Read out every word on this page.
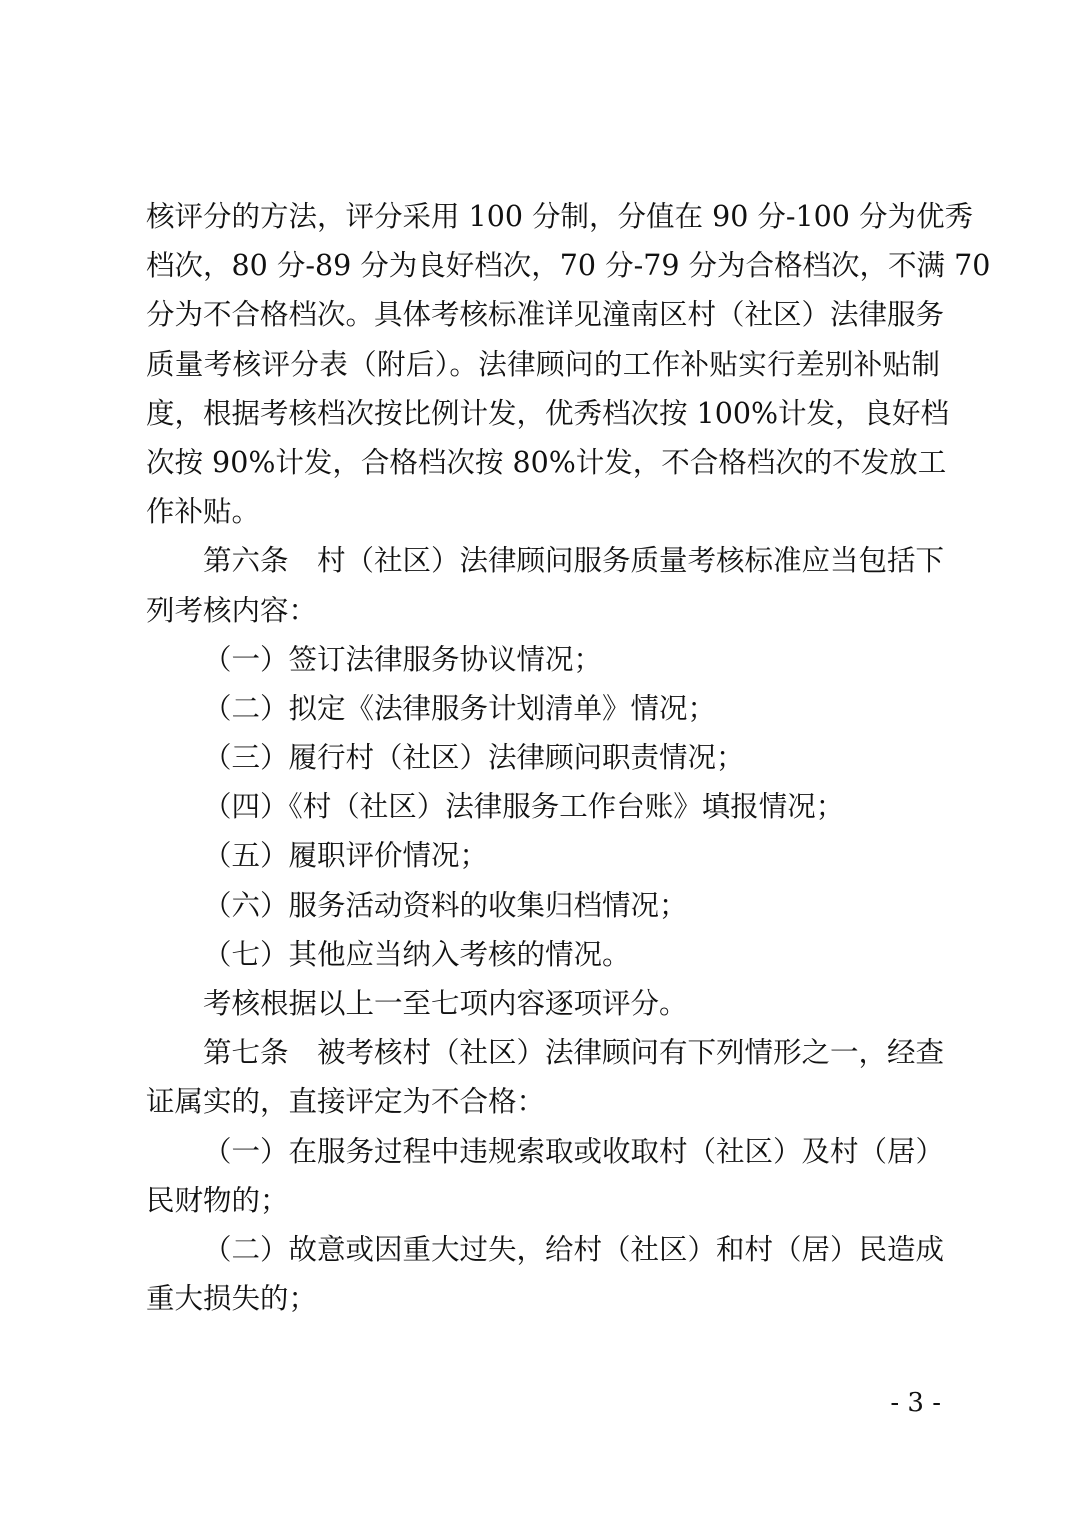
核评分的方法，评分采用 100 分制，分值在 90 分-100 分为优秀
档次，80 分-89 分为良好档次，70 分-79 分为合格档次，不满 70
分为不合格档次。具体考核标准详见潼南区村（社区）法律服务
质量考核评分表（附后）。法律顾问的工作补贴实行差别补贴制
度，根据考核档次按比例计发，优秀档次按 100%计发，良好档
次按 90%计发，合格档次按 80%计发，不合格档次的不发放工
作补贴。
第六条　村（社区）法律顾问服务质量考核标准应当包括下
列考核内容：
（一）签订法律服务协议情况；
（二）拟定《法律服务计划清单》情况；
（三）履行村（社区）法律顾问职责情况；
（四）《村（社区）法律服务工作台账》填报情况；
（五）履职评价情况；
（六）服务活动资料的收集归档情况；
（七）其他应当纳入考核的情况。
考核根据以上一至七项内容逐项评分。
第七条　被考核村（社区）法律顾问有下列情形之一，经查
证属实的，直接评定为不合格：
（一）在服务过程中违规索取或收取村（社区）及村（居）
民财物的；
（二）故意或因重大过失，给村（社区）和村（居）民造成
重大损失的；
- 3 -
